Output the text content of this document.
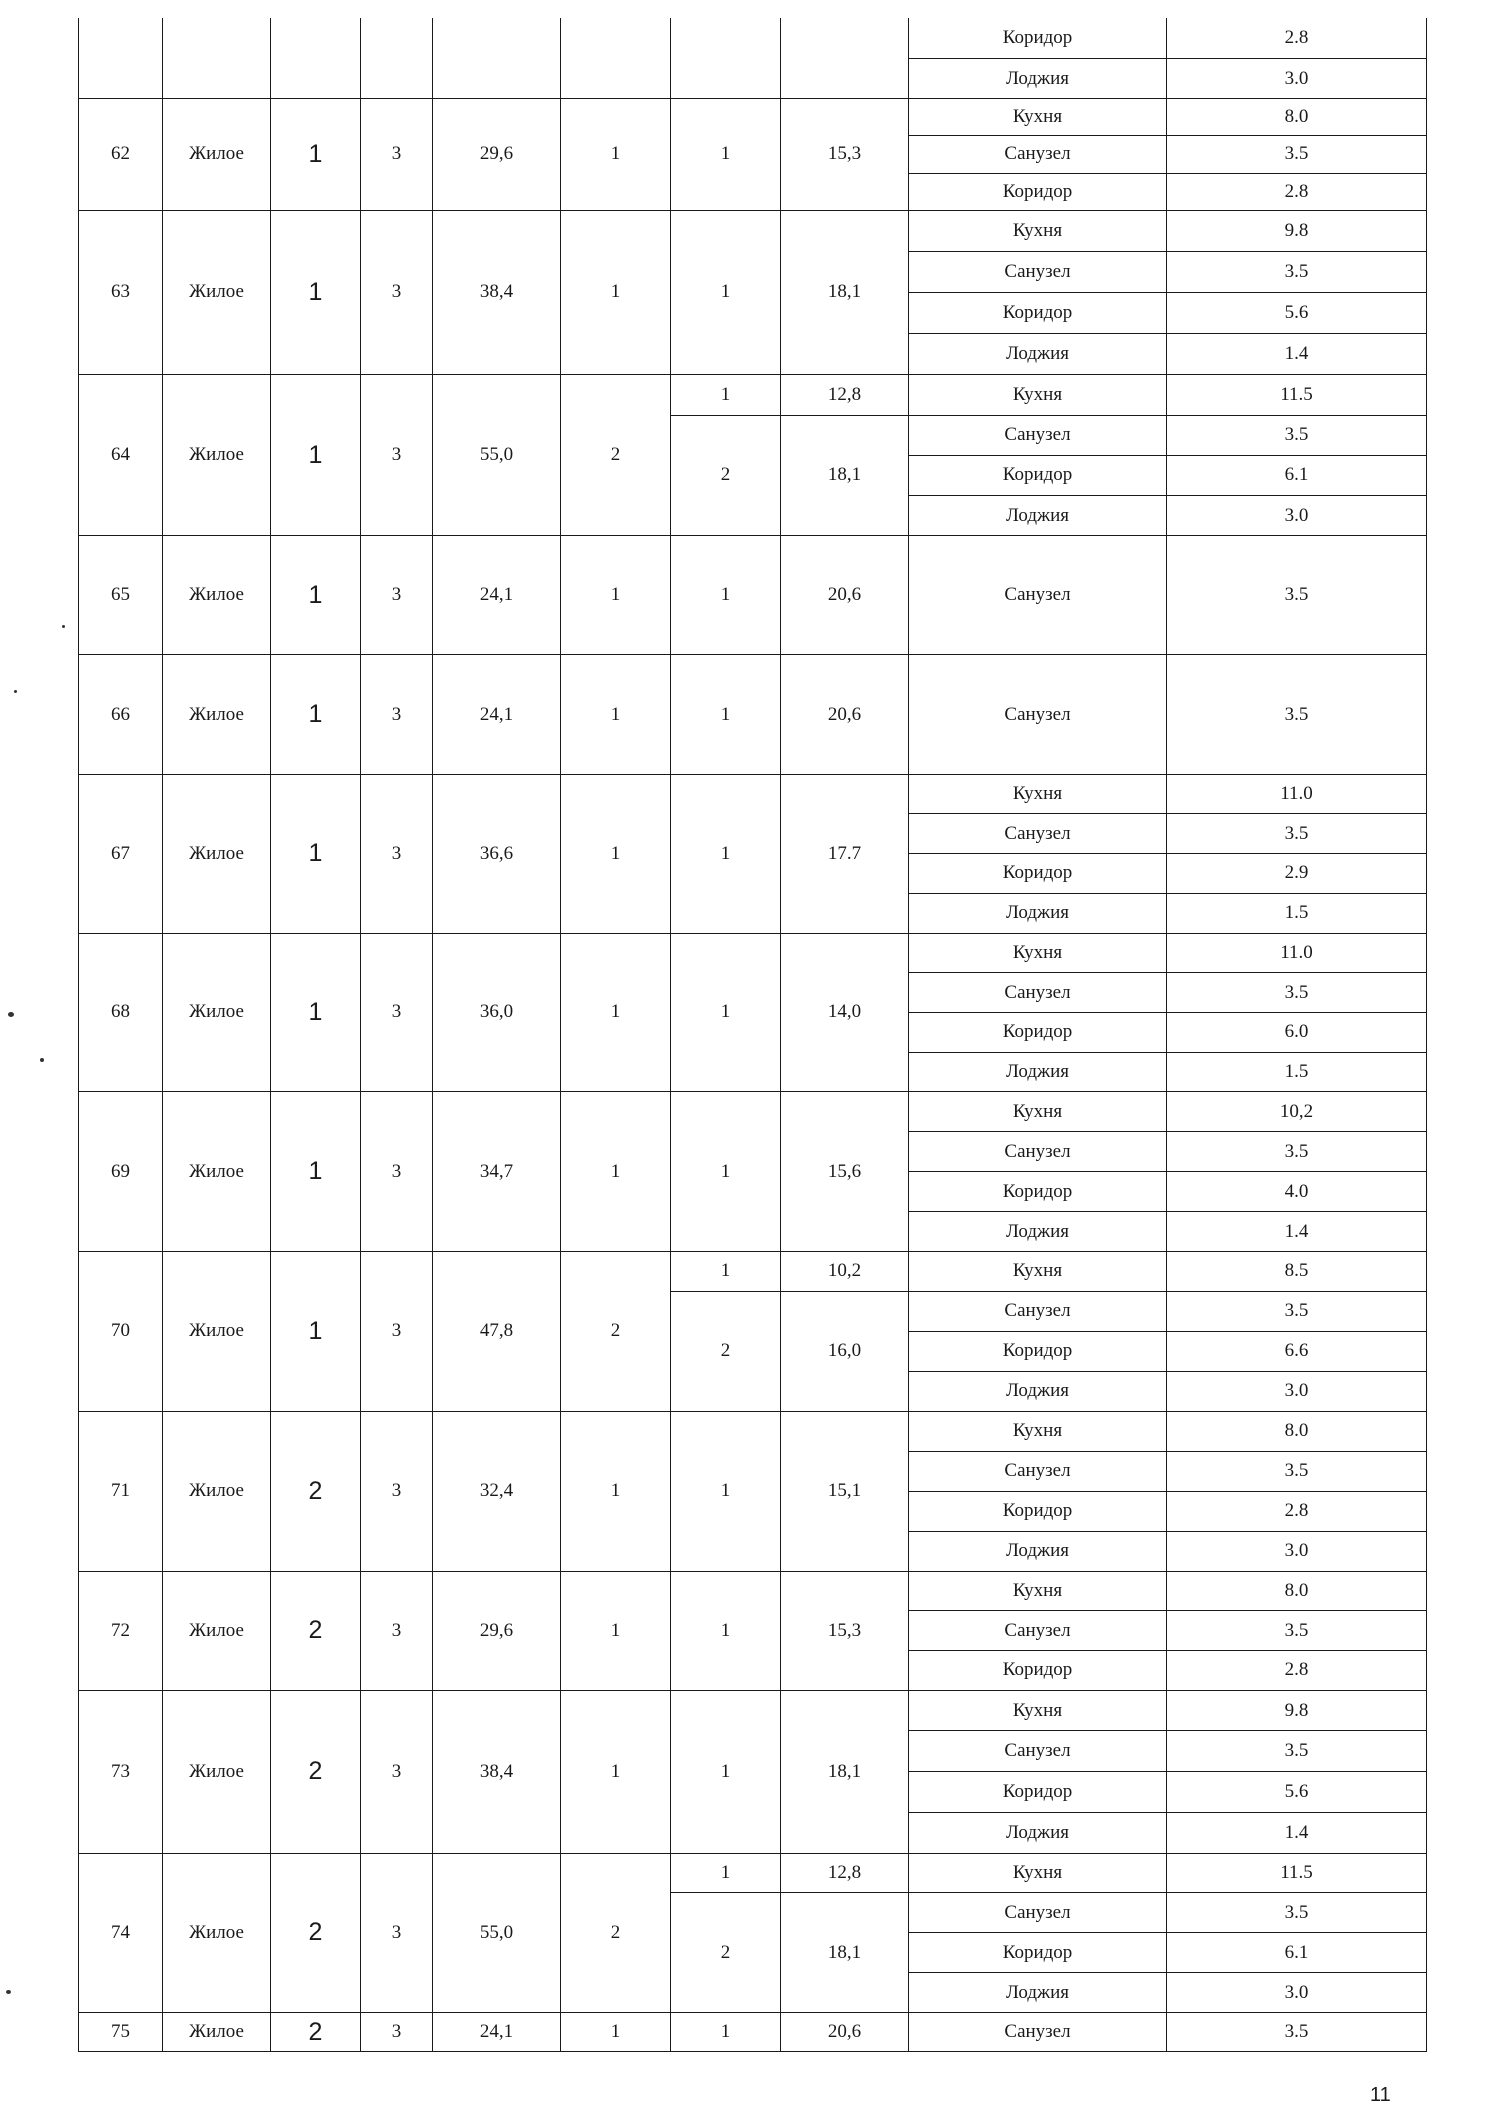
								Коридор	2.8
								Лоджия	3.0
62	Жилое	1	3	29,6	1	1	15,3	Кухня	8.0
								Санузел	3.5
								Коридор	2.8
63	Жилое	1	3	38,4	1	1	18,1	Кухня	9.8
								Санузел	3.5
								Коридор	5.6
								Лоджия	1.4
64	Жилое	1	3	55,0	2	1	12,8	Кухня	11.5
						2	18,1	Санузел	3.5
								Коридор	6.1
								Лоджия	3.0
65	Жилое	1	3	24,1	1	1	20,6	Санузел	3.5
66	Жилое	1	3	24,1	1	1	20,6	Санузел	3.5
67	Жилое	1	3	36,6	1	1	17.7	Кухня	11.0
								Санузел	3.5
								Коридор	2.9
								Лоджия	1.5
68	Жилое	1	3	36,0	1	1	14,0	Кухня	11.0
								Санузел	3.5
								Коридор	6.0
								Лоджия	1.5
69	Жилое	1	3	34,7	1	1	15,6	Кухня	10,2
								Санузел	3.5
								Коридор	4.0
								Лоджия	1.4
70	Жилое	1	3	47,8	2	1	10,2	Кухня	8.5
						2	16,0	Санузел	3.5
								Коридор	6.6
								Лоджия	3.0
71	Жилое	2	3	32,4	1	1	15,1	Кухня	8.0
								Санузел	3.5
								Коридор	2.8
								Лоджия	3.0
72	Жилое	2	3	29,6	1	1	15,3	Кухня	8.0
								Санузел	3.5
								Коридор	2.8
73	Жилое	2	3	38,4	1	1	18,1	Кухня	9.8
								Санузел	3.5
								Коридор	5.6
								Лоджия	1.4
74	Жилое	2	3	55,0	2	1	12,8	Кухня	11.5
						2	18,1	Санузел	3.5
								Коридор	6.1
								Лоджия	3.0
75	Жилое	2	3	24,1	1	1	20,6	Санузел	3.5
11
